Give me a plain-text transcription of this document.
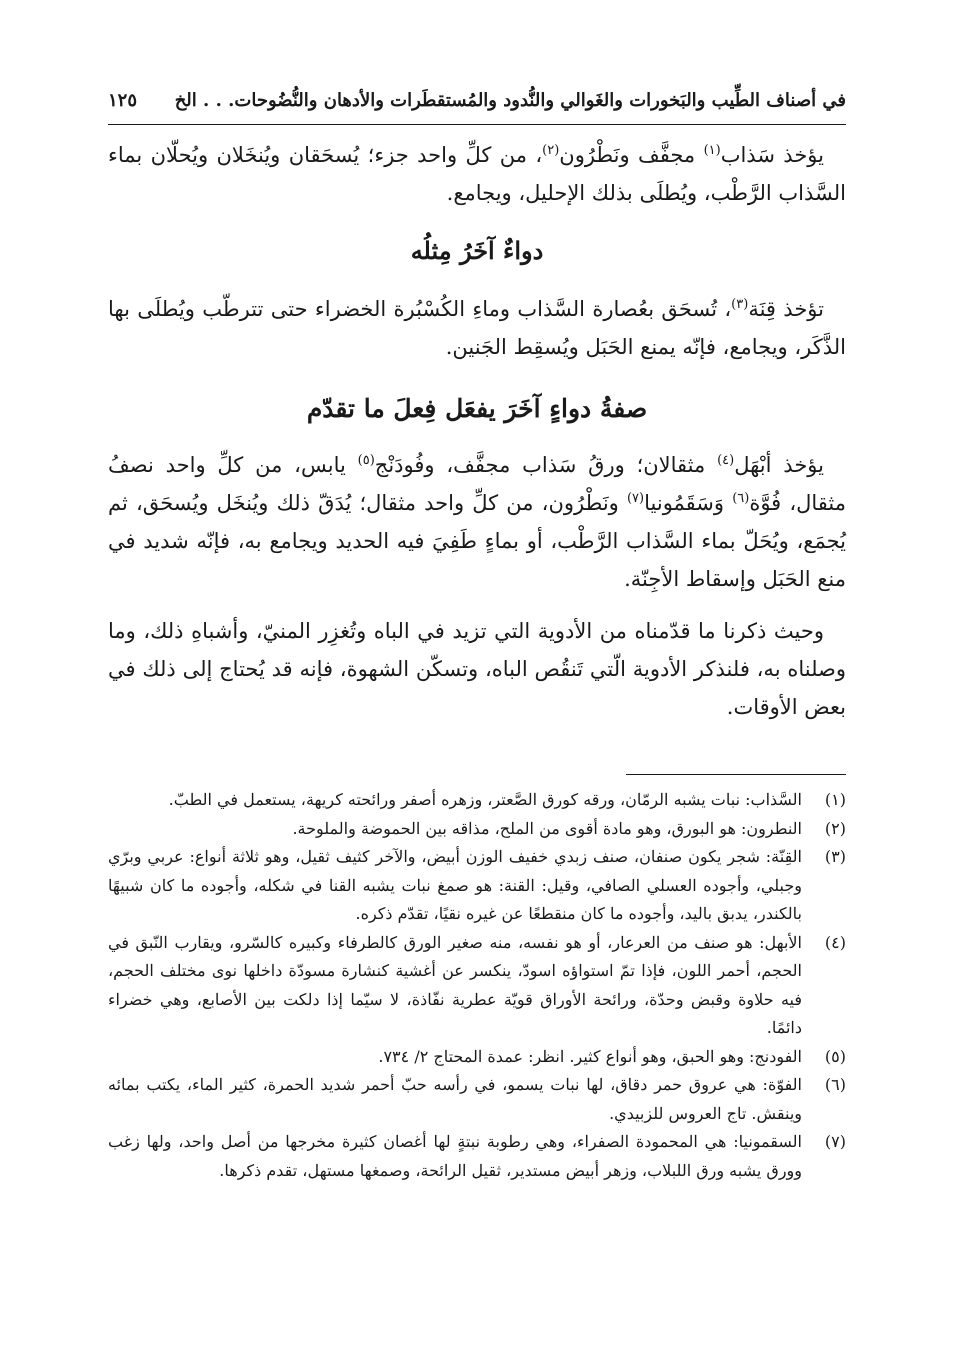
في أصناف الطِّيب والبَخورات والغَوالي والنُّدود والمُستقطَرات والأدهان والنُّضُوحات. . . الخ
١٢٥

يؤخذ سَذاب$^{(١)}$ مجفَّف ونَطْرُون$^{(٢)}$، من كلِّ واحد جزء؛ يُسحَقان ويُنخَلان ويُحلّان بماء السَّذاب الرَّطْب، ويُطلَى بذلك الإحليل، ويجامع.

دواءٌ آخَرُ مِثلُه

تؤخذ قِنَة$^{(٣)}$، تُسحَق بعُصارة السَّذاب وماءِ الكُسْبُرة الخضراء حتى تترطّب ويُطلَى بها الذَّكَر، ويجامع، فإنّه يمنع الحَبَل ويُسقِط الجَنين.

صفةُ دواءٍ آخَرَ يفعَل فِعلَ ما تقدّم

يؤخذ أبْهَل$^{(٤)}$ مثقالان؛ ورقُ سَذاب مجفَّف، وفُودَنْج$^{(٥)}$ يابس، من كلِّ واحد نصفُ مثقال، فُوَّة$^{(٦)}$ وَسَقَمُونيا$^{(٧)}$ ونَطْرُون، من كلِّ واحد مثقال؛ يُدَقّ ذلك ويُنخَل ويُسحَق، ثم يُجمَع، ويُحَلّ بماء السَّذاب الرَّطْب، أو بماءٍ طَفِيَ فيه الحديد ويجامع به، فإنّه شديد في منع الحَبَل وإسقاط الأجِنّة.

وحيث ذكرنا ما قدّمناه من الأدوية التي تزيد في الباه وتُغزِر المنيّ، وأشباهِ ذلك، وما وصلناه به، فلنذكر الأدوية الّتي تَنقُص الباه، وتسكّن الشهوة، فإنه قد يُحتاج إلى ذلك في بعض الأوقات.

(١)
السَّذاب: نبات يشبه الرمّان، ورقه كورق الصَّعتر، وزهره أصفر ورائحته كريهة، يستعمل في الطبّ.

(٢)
النطرون: هو البورق، وهو مادة أقوى من الملح، مذاقه بين الحموضة والملوحة.

(٣)
القِنّة: شجر يكون صنفان، صنف زبدي خفيف الوزن أبيض، والآخر كثيف ثقيل، وهو ثلاثة أنواع: عربي وبرّي وجبلي، وأجوده العسلي الصافي، وقيل: القنة: هو صمغ نبات يشبه القنا في شكله، وأجوده ما كان شبيهًا بالكندر، يدبق باليد، وأجوده ما كان منقطعًا عن غيره نقيًا، تقدّم ذكره.

(٤)
الأبهل: هو صنف من العرعار، أو هو نفسه، منه صغير الورق كالطرفاء وكبيره كالسّرو، ويقارب النّبق في الحجم، أحمر اللون، فإذا تمّ استواؤه اسودّ، ينكسر عن أغشية كنشارة مسودّة داخلها نوى مختلف الحجم، فيه حلاوة وقبض وحدّة، ورائحة الأوراق قويّة عطرية نفّاذة، لا سيّما إذا دلكت بين الأصابع، وهي خضراء دائمًا.

(٥)
الفودنج: وهو الحبق، وهو أنواع كثير. انظر: عمدة المحتاج ٢/ ٧٣٤.

(٦)
الفوّة: هي عروق حمر دقاق، لها نبات يسمو، في رأسه حبّ أحمر شديد الحمرة، كثير الماء، يكتب بمائه وينقش. تاج العروس للزبيدي.

(٧)
السقمونيا: هي المحمودة الصفراء، وهي رطوبة نبتةٍ لها أغصان كثيرة مخرجها من أصل واحد، ولها زغب وورق يشبه ورق اللبلاب، وزهر أبيض مستدير، ثقيل الرائحة، وصمغها مستهل، تقدم ذكرها.
